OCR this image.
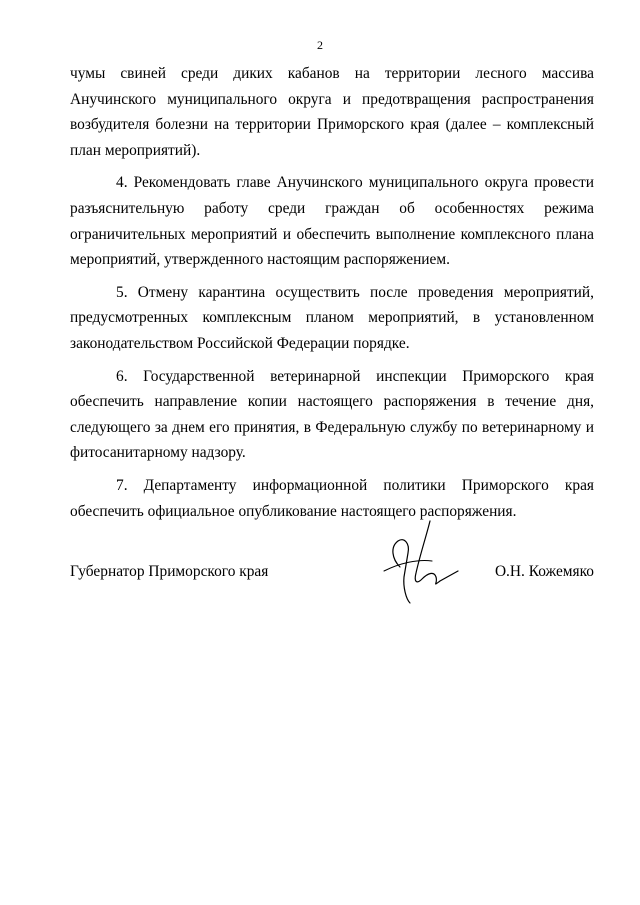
2

чумы свиней среди диких кабанов на территории лесного массива Анучинского муниципального округа и предотвращения распространения возбудителя болезни на территории Приморского края (далее – комплексный план мероприятий).

4. Рекомендовать главе Анучинского муниципального округа провести разъяснительную работу среди граждан об особенностях режима ограничительных мероприятий и обеспечить выполнение комплексного плана мероприятий, утвержденного настоящим распоряжением.

5. Отмену карантина осуществить после проведения мероприятий, предусмотренных комплексным планом мероприятий, в установленном законодательством Российской Федерации порядке.

6. Государственной ветеринарной инспекции Приморского края обеспечить направление копии настоящего распоряжения в течение дня, следующего за днем его принятия, в Федеральную службу по ветеринарному и фитосанитарному надзору.

7. Департаменту информационной политики Приморского края обеспечить официальное опубликование настоящего распоряжения.

Губернатор Приморского края	О.Н. Кожемяко
